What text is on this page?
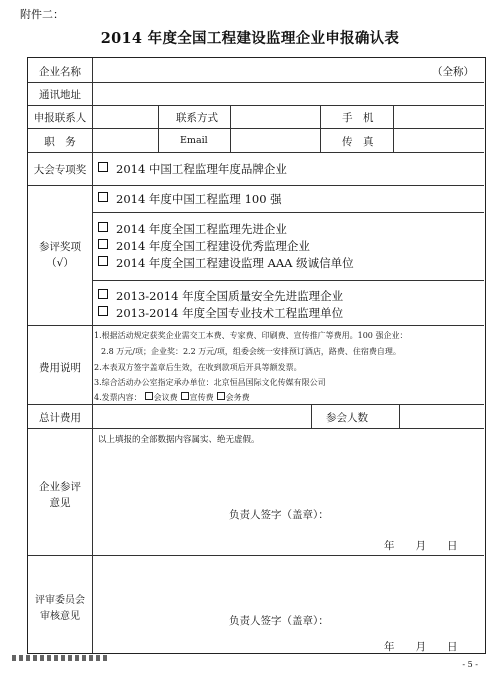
附件二：
2014 年度全国工程建设监理企业申报确认表
企业名称	（全称）
通讯地址
申报联系人	联系方式	手　机
职　务	Email	传　真
大会专项奖	2014 中国工程监理年度品牌企业
参评奖项
（√）
2014 年度中国工程监理 100 强
2014 年度全国工程监理先进企业
2014 年度全国工程建设优秀监理企业
2014 年度全国工程建设监理 AAA 级诚信单位
2013-2014 年度全国质量安全先进监理企业
2013-2014 年度全国专业技术工程监理单位
费用说明
1.根据活动规定获奖企业需交工本费、专家费、印刷费、宣传推广等费用。100 强企业：
2.8 万元/项；企业奖：2.2 万元/项，组委会统一安排预订酒店，路费、住宿费自理。
2.本表双方签字盖章后生效，在收到款项后开具等额发票。
3.综合活动办公室指定承办单位：北京恒昌国际文化传媒有限公司
4.发票内容： 会议费 宣传费 会务费
总计费用	参会人数
以上填报的全部数据内容属实、绝无虚假。
企业参评
意见
负责人签字（盖章）：
年　　月　　日
评审委员会
审核意见	负责人签字（盖章）：
年　　月　　日
- 5 -
